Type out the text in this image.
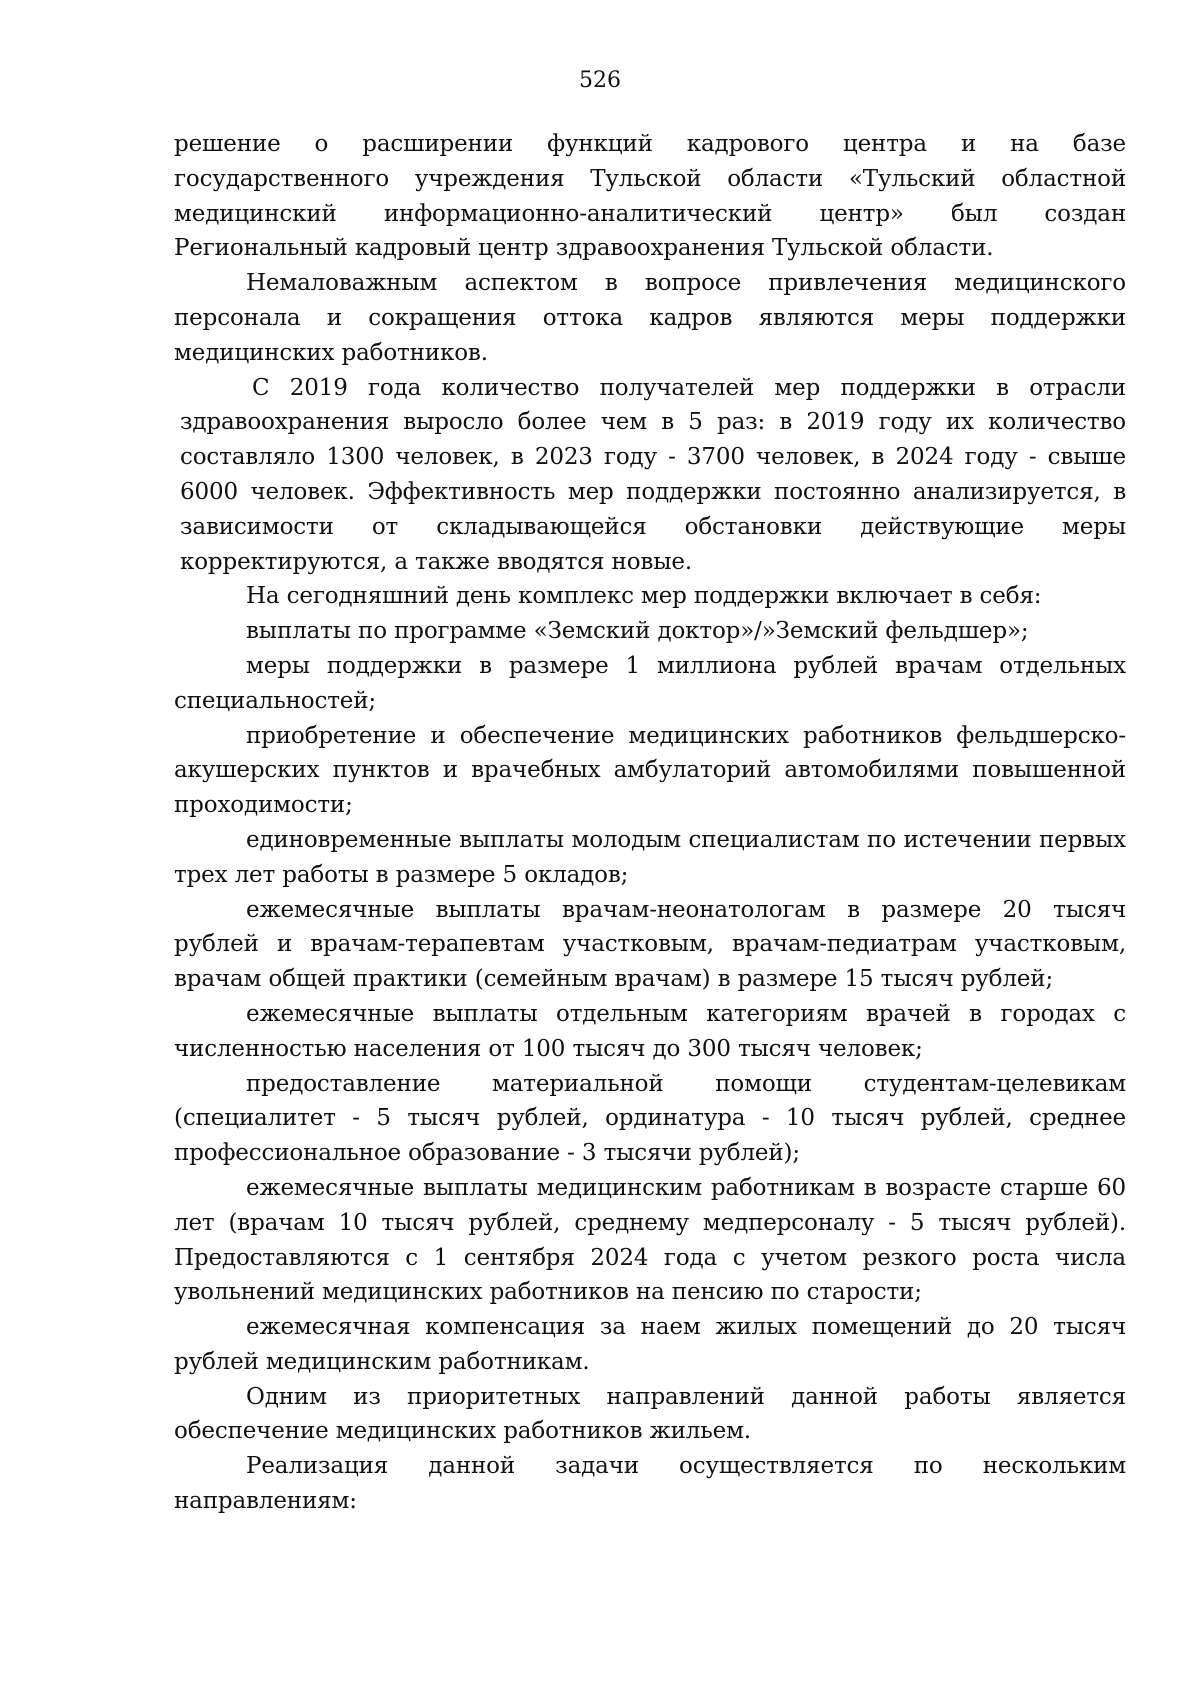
526

решение о расширении функций кадрового центра и на базе государственного учреждения Тульской области «Тульский областной медицинский информационно-аналитический центр» был создан Региональный кадровый центр здравоохранения Тульской области.

Немаловажным аспектом в вопросе привлечения медицинского персонала и сокращения оттока кадров являются меры поддержки медицинских работников.

С 2019 года количество получателей мер поддержки в отрасли здравоохранения выросло более чем в 5 раз: в 2019 году их количество составляло 1300 человек, в 2023 году - 3700 человек, в 2024 году - свыше 6000 человек. Эффективность мер поддержки постоянно анализируется, в зависимости от складывающейся обстановки действующие меры корректируются, а также вводятся новые.

На сегодняшний день комплекс мер поддержки включает в себя:

выплаты по программе «Земский доктор»/»Земский фельдшер»;

меры поддержки в размере 1 миллиона рублей врачам отдельных специальностей;

приобретение и обеспечение медицинских работников фельдшерско-акушерских пунктов и врачебных амбулаторий автомобилями повышенной проходимости;

единовременные выплаты молодым специалистам по истечении первых трех лет работы в размере 5 окладов;

ежемесячные выплаты врачам-неонатологам в размере 20 тысяч рублей и врачам-терапевтам участковым, врачам-педиатрам участковым, врачам общей практики (семейным врачам) в размере 15 тысяч рублей;

ежемесячные выплаты отдельным категориям врачей в городах с численностью населения от 100 тысяч до 300 тысяч человек;

предоставление материальной помощи студентам-целевикам (специалитет - 5 тысяч рублей, ординатура - 10 тысяч рублей, среднее профессиональное образование - 3 тысячи рублей);

ежемесячные выплаты медицинским работникам в возрасте старше 60 лет (врачам 10 тысяч рублей, среднему медперсоналу - 5 тысяч рублей). Предоставляются с 1 сентября 2024 года с учетом резкого роста числа увольнений медицинских работников на пенсию по старости;

ежемесячная компенсация за наем жилых помещений до 20 тысяч рублей медицинским работникам.

Одним из приоритетных направлений данной работы является обеспечение медицинских работников жильем.

Реализация данной задачи осуществляется по нескольким направлениям:
